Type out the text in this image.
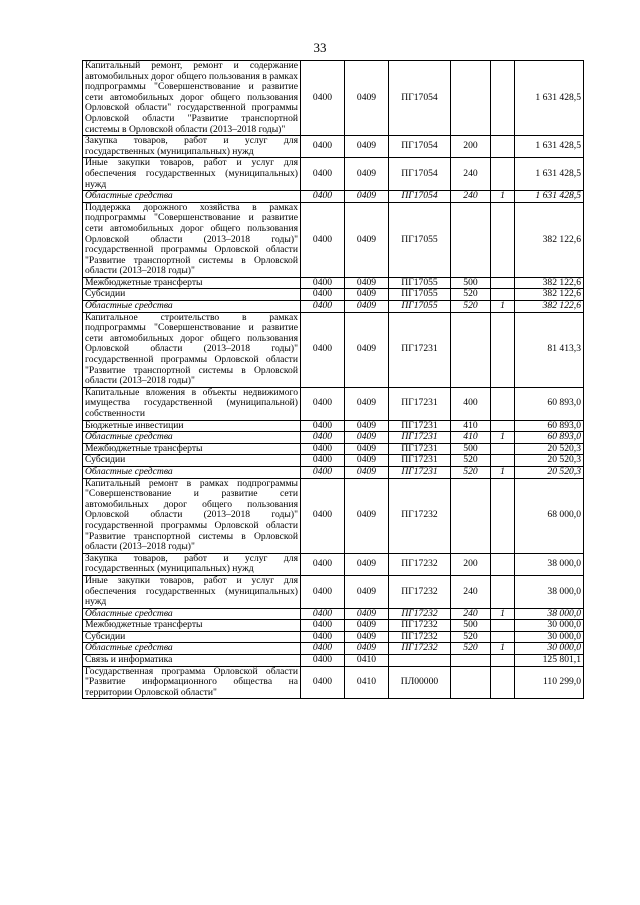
33
Капитальный ремонт, ремонт и содержание автомобильных дорог общего пользования в рамках подпрограммы "Совершенствование и развитие сети автомобильных дорог общего пользования Орловской области" государственной программы Орловской области "Развитие транспортной системы в Орловской области (2013–2018 годы)"	0400	0409	ПГ17054			1 631 428,5
Закупка товаров, работ и услуг для государственных (муниципальных) нужд	0400	0409	ПГ17054	200		1 631 428,5
Иные закупки товаров, работ и услуг для обеспечения государственных (муниципальных) нужд	0400	0409	ПГ17054	240		1 631 428,5
Областные средства	0400	0409	ПГ17054	240	1	1 631 428,5
Поддержка дорожного хозяйства в рамках подпрограммы "Совершенствование и развитие сети автомобильных дорог общего пользования Орловской области (2013–2018 годы)" государственной программы Орловской области "Развитие транспортной системы в Орловской области (2013–2018 годы)"	0400	0409	ПГ17055			382 122,6
Межбюджетные трансферты	0400	0409	ПГ17055	500		382 122,6
Субсидии	0400	0409	ПГ17055	520		382 122,6
Областные средства	0400	0409	ПГ17055	520	1	382 122,6
Капитальное строительство в рамках подпрограммы "Совершенствование и развитие сети автомобильных дорог общего пользования Орловской области (2013–2018 годы)" государственной программы Орловской области "Развитие транспортной системы в Орловской области (2013–2018 годы)"	0400	0409	ПГ17231			81 413,3
Капитальные вложения в объекты недвижимого имущества государственной (муниципальной) собственности	0400	0409	ПГ17231	400		60 893,0
Бюджетные инвестиции	0400	0409	ПГ17231	410		60 893,0
Областные средства	0400	0409	ПГ17231	410	1	60 893,0
Межбюджетные трансферты	0400	0409	ПГ17231	500		20 520,3
Субсидии	0400	0409	ПГ17231	520		20 520,3
Областные средства	0400	0409	ПГ17231	520	1	20 520,3
Капитальный ремонт в рамках подпрограммы "Совершенствование и развитие сети автомобильных дорог общего пользования Орловской области (2013–2018 годы)" государственной программы Орловской области "Развитие транспортной системы в Орловской области (2013–2018 годы)"	0400	0409	ПГ17232			68 000,0
Закупка товаров, работ и услуг для государственных (муниципальных) нужд	0400	0409	ПГ17232	200		38 000,0
Иные закупки товаров, работ и услуг для обеспечения государственных (муниципальных) нужд	0400	0409	ПГ17232	240		38 000,0
Областные средства	0400	0409	ПГ17232	240	1	38 000,0
Межбюджетные трансферты	0400	0409	ПГ17232	500		30 000,0
Субсидии	0400	0409	ПГ17232	520		30 000,0
Областные средства	0400	0409	ПГ17232	520	1	30 000,0
Связь и информатика	0400	0410				125 801,1
Государственная программа Орловской области "Развитие информационного общества на территории Орловской области"	0400	0410	ПЛ00000			110 299,0
